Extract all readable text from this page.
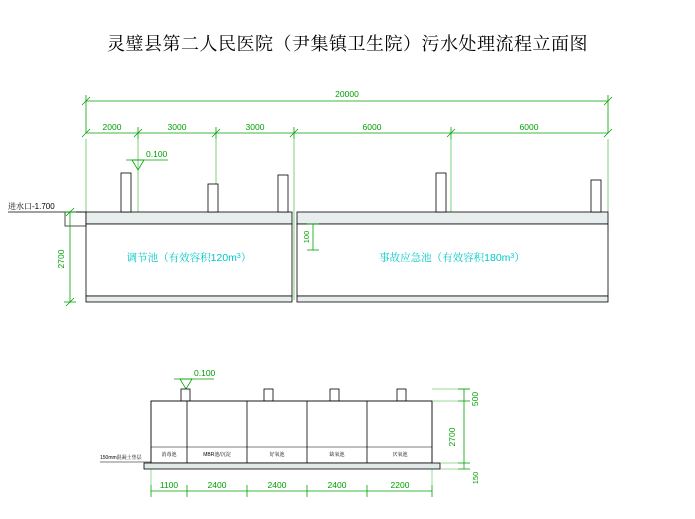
灵璧县第二人民医院（尹集镇卫生院）污水处理流程立面图
20000
2000	3000	3000	6000	6000
0.100
进水口-1.700
调节池（有效容积$120m^3$）	事故应急池（有效容积$180m^3$）
2700
100
0.100
消毒池	MBR池/沉淀	好氧池	缺氧池	厌氧池
150mm混凝土垫层
500
2700
150
1100	2400	2400	2400	2200
